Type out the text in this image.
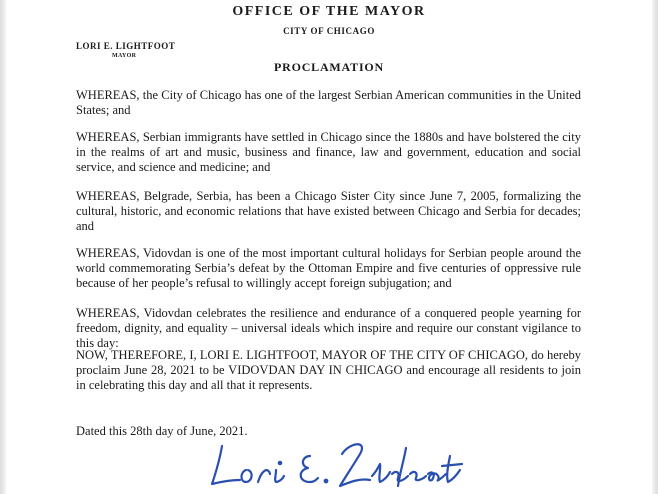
OFFICE OF THE MAYOR
CITY OF CHICAGO
LORI E. LIGHTFOOT
MAYOR
PROCLAMATION

WHEREAS, the City of Chicago has one of the largest Serbian American communities in the United States; and

WHEREAS, Serbian immigrants have settled in Chicago since the 1880s and have bolstered the city in the realms of art and music, business and finance, law and government, education and social service, and science and medicine; and

WHEREAS, Belgrade, Serbia, has been a Chicago Sister City since June 7, 2005, formalizing the cultural, historic, and economic relations that have existed between Chicago and Serbia for decades; and

WHEREAS, Vidovdan is one of the most important cultural holidays for Serbian people around the world commemorating Serbia’s defeat by the Ottoman Empire and five centuries of oppressive rule because of her people’s refusal to willingly accept foreign subjugation; and

WHEREAS, Vidovdan celebrates the resilience and endurance of a conquered people yearning for freedom, dignity, and equality – universal ideals which inspire and require our constant vigilance to this day:

NOW, THEREFORE, I, LORI E. LIGHTFOOT, MAYOR OF THE CITY OF CHICAGO, do hereby proclaim June 28, 2021 to be VIDOVDAN DAY IN CHICAGO and encourage all residents to join in celebrating this day and all that it represents.

Dated this 28th day of June, 2021.
